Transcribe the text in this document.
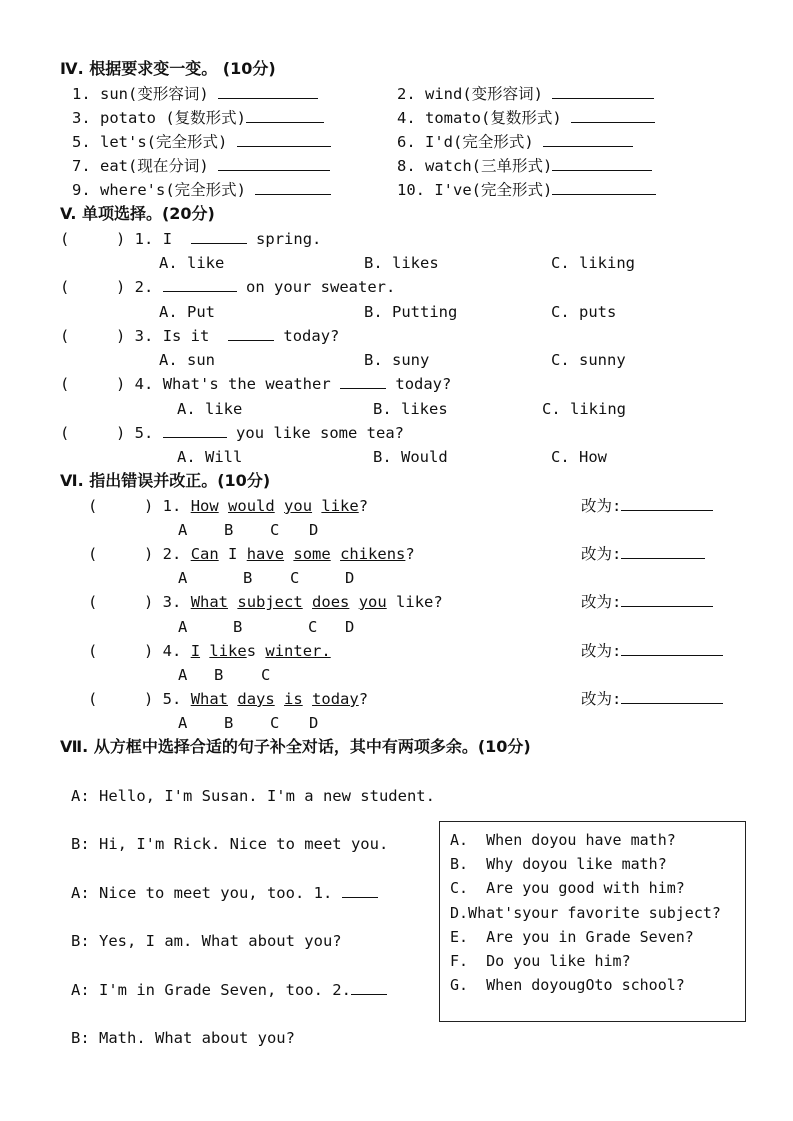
Ⅳ. 根据要求变一变。 (10分)
1. sun(变形容词)	2. wind(变形容词)
3. potato (复数形式)	4. tomato(复数形式)
5. let's(完全形式)	6. I'd(完全形式)
7. eat(现在分词)	8. watch(三单形式)
9. where's(完全形式)	10. I've(完全形式)
V. 单项选择。(20分)
(     ) 1. I	spring.
A. like	B. likes	C. liking
(     ) 2.	on your sweater.
A. Put	B. Putting	C. puts
(     ) 3. Is it	today?
A. sun	B. suny	C. sunny
(     ) 4. What's the weather	today?
A. like	B. likes	C. liking
(     ) 5.	you like some tea?
A. Will	B. Would	C. How
Ⅵ. 指出错误并改正。(10分)
(     ) 1. How would you like?
A B C D
改为:
(     ) 2. Can I have some chikens?
A	B C	D
改为:
(     ) 3. What subject does you like?
A	B	C D
改为:
(     ) 4. I likes winter.
A B C
改为:
(     ) 5. What days is today?
A B C D
改为:
Ⅶ. 从方框中选择合适的句子补全对话，其中有两项多余。(10分)
A: Hello, I'm Susan. I'm a new student.
B: Hi, I'm Rick. Nice to meet you.
A: Nice to meet you, too. 1.
B: Yes, I am. What about you?
A: I'm in Grade Seven, too. 2.
B: Math. What about you?
A.  When doyou have math?
B.  Why doyou like math?
C.  Are you good with him?
D.What'syour favorite subject?
E.  Are you in Grade Seven?
F.  Do you like him?
G.  When doyougOto school?
